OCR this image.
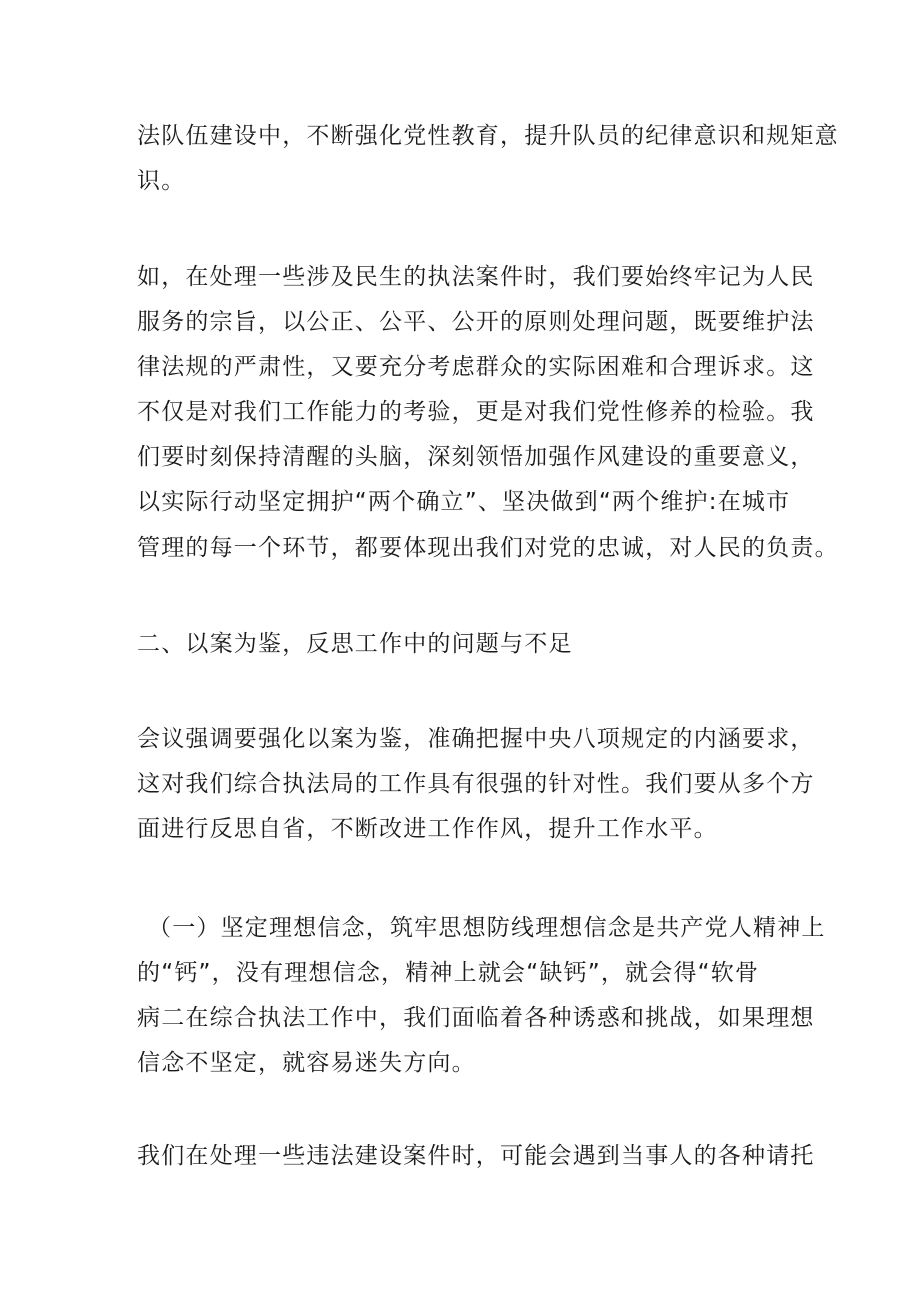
法队伍建设中，不断强化党性教育，提升队员的纪律意识和规矩意

识。

如，在处理一些涉及民生的执法案件时，我们要始终牢记为人民

服务的宗旨，以公正、公平、公开的原则处理问题，既要维护法

律法规的严肃性，又要充分考虑群众的实际困难和合理诉求。这

不仅是对我们工作能力的考验，更是对我们党性修养的检验。我

们要时刻保持清醒的头脑，深刻领悟加强作风建设的重要意义，

以实际行动坚定拥护“两个确立”、坚决做到“两个维护:在城市

管理的每一个环节，都要体现出我们对党的忠诚，对人民的负责。

二、以案为鉴，反思工作中的问题与不足

会议强调要强化以案为鉴，准确把握中央八项规定的内涵要求，

这对我们综合执法局的工作具有很强的针对性。我们要从多个方

面进行反思自省，不断改进工作作风，提升工作水平。

（一）坚定理想信念，筑牢思想防线理想信念是共产党人精神上

的“钙”，没有理想信念，精神上就会“缺钙”，就会得“软骨

病二在综合执法工作中，我们面临着各种诱惑和挑战，如果理想

信念不坚定，就容易迷失方向。

我们在处理一些违法建设案件时，可能会遇到当事人的各种请托
